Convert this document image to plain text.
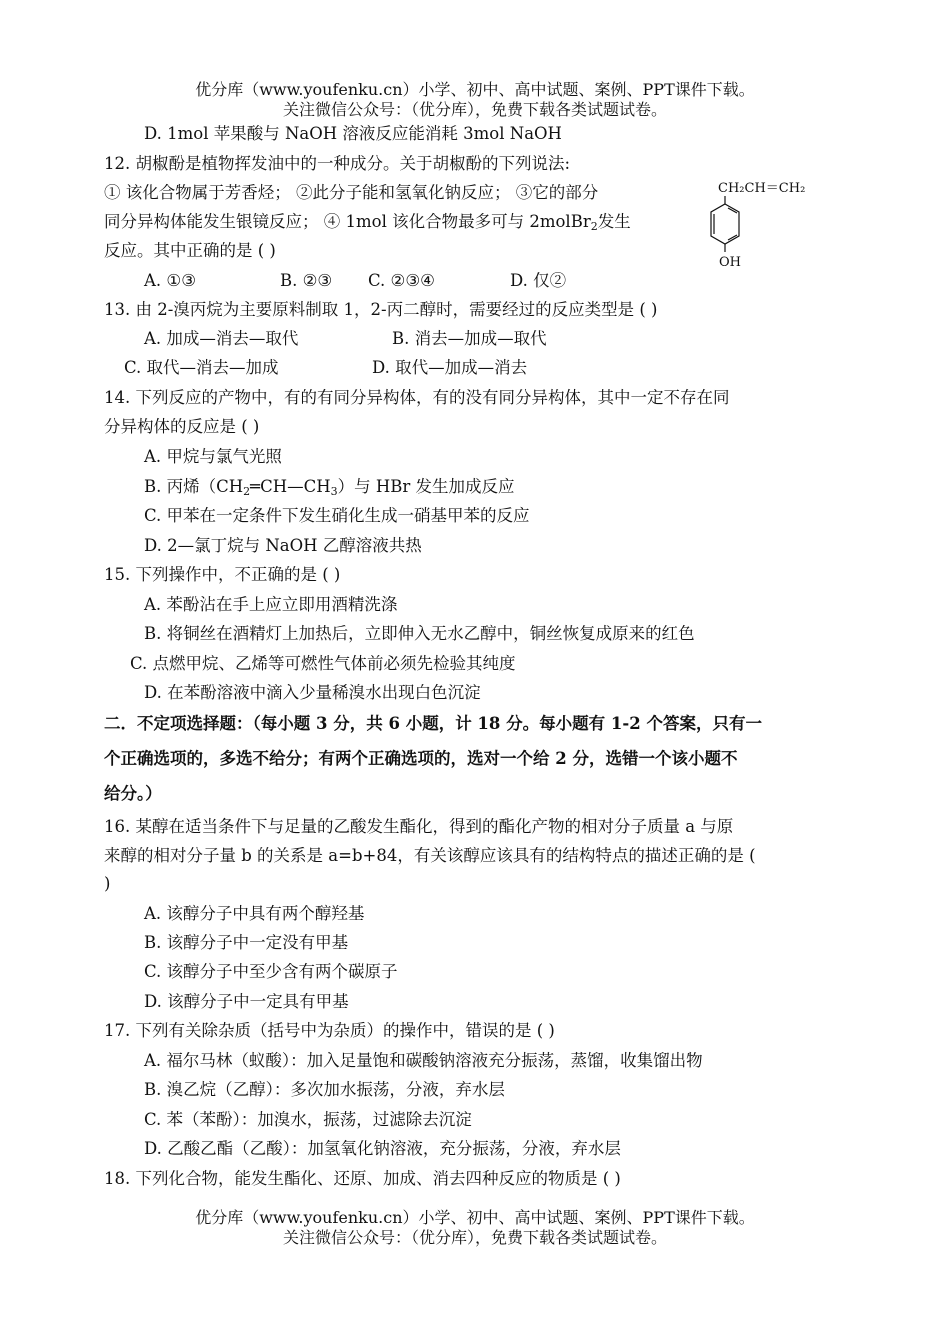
优分库（www.youfenku.cn）小学、初中、高中试题、案例、PPT课件下载。
关注微信公众号：（优分库），免费下载各类试题试卷。
D. 1mol 苹果酸与 NaOH 溶液反应能消耗 3mol NaOH
12. 胡椒酚是植物挥发油中的一种成分。关于胡椒酚的下列说法:
① 该化合物属于芳香烃； ②此分子能和氢氧化钠反应； ③它的部分
同分异构体能发生银镜反应； ④ 1mol 该化合物最多可与 2molBr$_2$发生
反应。其中正确的是 ( )
A. ①③	B. ②③ C. ②③④	D. 仅②
CH₂CH＝CH₂
OH
13. 由 2-溴丙烷为主要原料制取 1，2-丙二醇时，需要经过的反应类型是 ( )
A. 加成—消去—取代	B. 消去—加成—取代
C. 取代—消去—加成	D. 取代—加成—消去
14. 下列反应的产物中，有的有同分异构体，有的没有同分异构体，其中一定不存在同
分异构体的反应是 ( )
A. 甲烷与氯气光照
B. 丙烯$(CH_2═CH—CH_3)$与 HBr 发生加成反应
C. 甲苯在一定条件下发生硝化生成一硝基甲苯的反应
D. 2—氯丁烷与 NaOH 乙醇溶液共热
15. 下列操作中，不正确的是 ( )
A. 苯酚沾在手上应立即用酒精洗涤
B. 将铜丝在酒精灯上加热后，立即伸入无水乙醇中，铜丝恢复成原来的红色
C. 点燃甲烷、乙烯等可燃性气体前必须先检验其纯度
D. 在苯酚溶液中滴入少量稀溴水出现白色沉淀
二．不定项选择题：（每小题 3 分，共 6 小题，计 18 分。每小题有 1-2 个答案，只有一
个正确选项的，多选不给分；有两个正确选项的，选对一个给 2 分，选错一个该小题不
给分。）
16. 某醇在适当条件下与足量的乙酸发生酯化，得到的酯化产物的相对分子质量 a 与原
来醇的相对分子量 b 的关系是 a=b+84，有关该醇应该具有的结构特点的描述正确的是 (
)
A. 该醇分子中具有两个醇羟基
B. 该醇分子中一定没有甲基
C. 该醇分子中至少含有两个碳原子
D. 该醇分子中一定具有甲基
17. 下列有关除杂质（括号中为杂质）的操作中，错误的是 ( )
A. 福尔马林（蚁酸）：加入足量饱和碳酸钠溶液充分振荡，蒸馏，收集馏出物
B. 溴乙烷（乙醇）：多次加水振荡，分液，弃水层
C. 苯（苯酚）：加溴水，振荡，过滤除去沉淀
D. 乙酸乙酯（乙酸）：加氢氧化钠溶液，充分振荡，分液，弃水层
18. 下列化合物，能发生酯化、还原、加成、消去四种反应的物质是 ( )
优分库（www.youfenku.cn）小学、初中、高中试题、案例、PPT课件下载。
关注微信公众号：（优分库），免费下载各类试题试卷。
